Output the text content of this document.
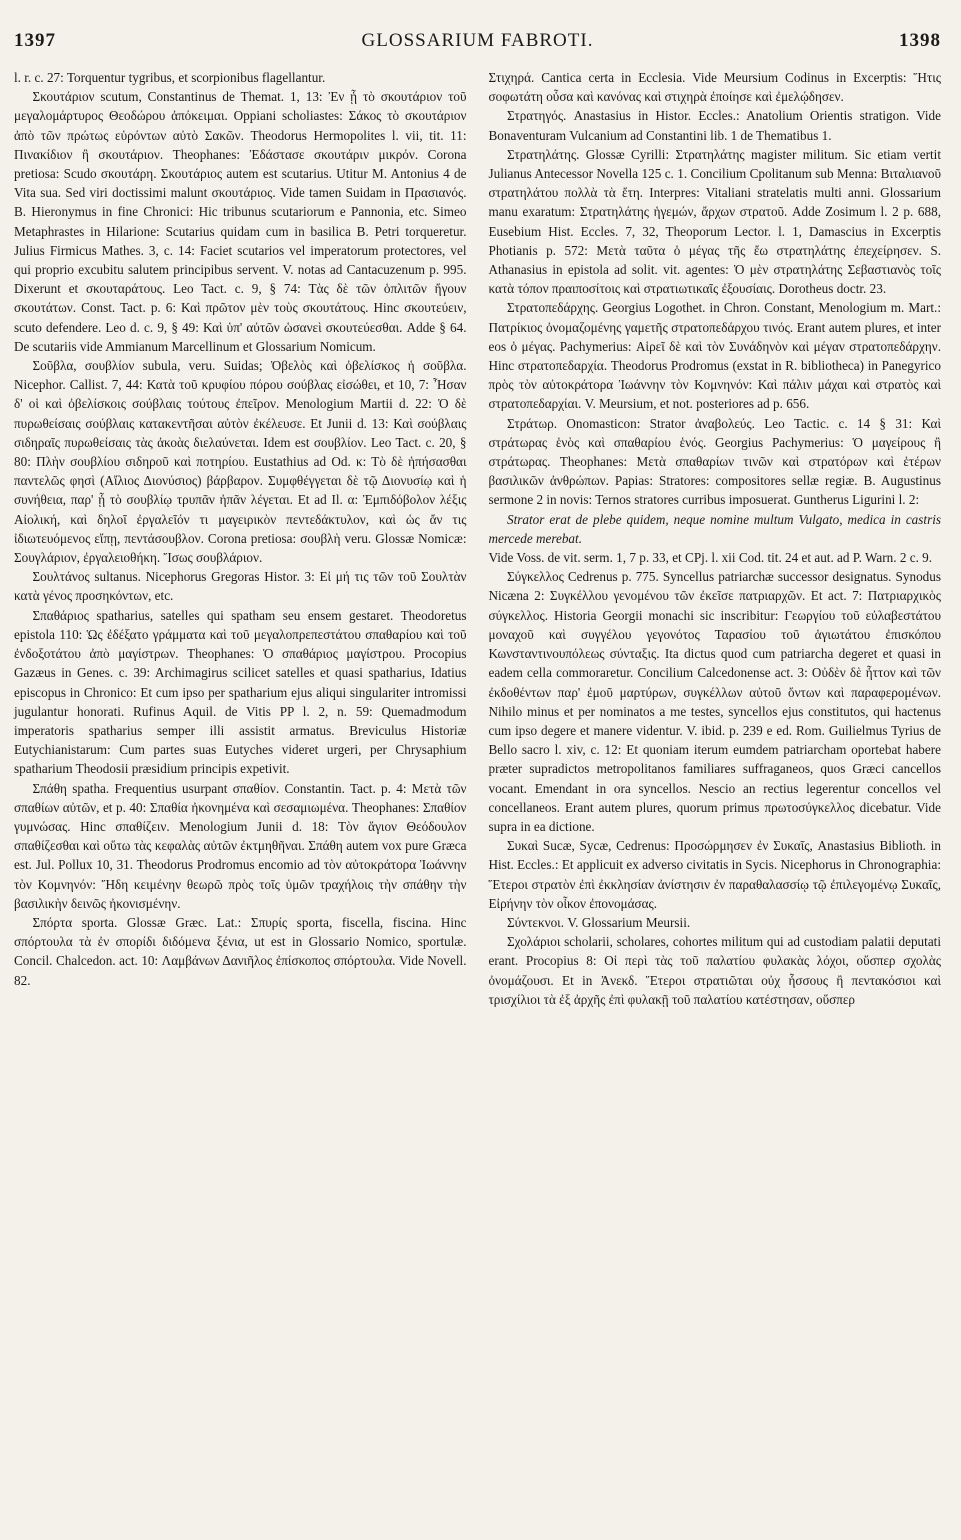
1397	GLOSSARIUM FABROTI.	1398

l. r. c. 27: Torquentur tygribus, et scorpionibus flagellantur.

Σκουτάριον scutum, Constantinus de Themat. 1, 13: Ἐν ᾗ τὸ σκουτάριον τοῦ μεγαλομάρτυρος Θεοδώρου ἀπόκειμαι. Oppiani scholiastes: Σάκος τὸ σκουτάριον ἀπὸ τῶν πρώτως εὑρόντων αὐτὸ Σακῶν. Theodorus Hermopolites l. vii, tit. 11: Πινακίδιον ἢ σκουτάριον. Theophanes: Ἐδάστασε σκουτάριν μικρόν. Corona pretiosa: Scudo σκουτάρη. Σκουτάριος autem est scutarius. Utitur M. Antonius 4 de Vita sua. Sed viri doctissimi malunt σκουτάριος. Vide tamen Suidam in Πρασιανός. B. Hieronymus in fine Chronici: Hic tribunus scutariorum e Pannonia, etc. Simeo Metaphrastes in Hilarione: Scutarius quidam cum in basilica B. Petri torqueretur. Julius Firmicus Mathes. 3, c. 14: Faciet scutarios vel imperatorum protectores, vel qui proprio excubitu salutem principibus servent. V. notas ad Cantacuzenum p. 995. Dixerunt et σκουταράτους. Leo Tact. c. 9, § 74: Τὰς δὲ τῶν ὁπλιτῶν ἤγουν σκουτάτων. Const. Tact. p. 6: Καὶ πρῶτον μὲν τοὺς σκουτάτους. Hinc σκουτεύειν, scuto defendere. Leo d. c. 9, § 49: Καὶ ὑπ' αὐτῶν ὡσανεὶ σκουτεύεσθαι. Adde § 64. De scutariis vide Ammianum Marcellinum et Glossarium Nomicum.

Σοῦβλα, σουβλίον subula, veru. Suidas; Ὀβελὸς καὶ ὀβελίσκος ἡ σοῦβλα. Nicephor. Callist. 7, 44: Κατὰ τοῦ κρυφίου πόρου σούβλας εἰσώθει, et 10, 7: Ἦσαν δ' οἱ καὶ ὀβελίσκοις σούβλαις τούτους ἐπεῖρον. Menologium Martii d. 22: Ὁ δὲ πυρωθείσαις σούβλαις κατακεντῆσαι αὐτὸν ἐκέλευσε. Et Junii d. 13: Καὶ σούβλαις σιδηραῖς πυρωθείσαις τὰς ἀκοὰς διελαύνεται. Idem est σουβλίον. Leo Tact. c. 20, § 80: Πλὴν σουβλίου σιδηροῦ καὶ ποτηρίου. Eustathius ad Od. κ: Τὸ δὲ ἡπήσασθαι παντελῶς φησὶ (Αἴλιος Διονύσιος) βάρβαρον. Συμφθέγγεται δὲ τῷ Διονυσίῳ καὶ ἡ συνήθεια, παρ' ᾗ τὸ σουβλίῳ τρυπᾶν ἠπᾶν λέγεται. Et ad Il. α: Ἐμπιδόβολον λέξις Αἰολική, καὶ δηλοῖ ἐργαλεῖόν τι μαγειρικὸν πεντεδάκτυλον, καὶ ὡς ἄν τις ἰδιωτευόμενος εἴπῃ, πεντάσουβλον. Corona pretiosa: σουβλὴ veru. Glossæ Nomicæ: Σουγλάριον, ἐργαλειοθήκη. Ἴσως σουβλάριον.

Σουλτάνος sultanus. Nicephorus Gregoras Histor. 3: Εἰ μή τις τῶν τοῦ Σουλτὰν κατὰ γένος προσηκόντων, etc.

Σπαθάριος spatharius, satelles qui spatham seu ensem gestaret. Theodoretus epistola 110: Ὡς ἐδέξατο γράμματα καὶ τοῦ μεγαλοπρεπεστάτου σπαθαρίου καὶ τοῦ ἐνδοξοτάτου ἀπὸ μαγίστρων. Theophanes: Ὁ σπαθάριος μαγίστρου. Procopius Gazæus in Genes. c. 39: Archimagirus scilicet satelles et quasi spatharius, Idatius episcopus in Chronico: Et cum ipso per spatharium ejus aliqui singulariter intromissi jugulantur honorati. Rufinus Aquil. de Vitis PP l. 2, n. 59: Quemadmodum imperatoris spatharius semper illi assistit armatus. Breviculus Historiæ Eutychianistarum: Cum partes suas Eutyches videret urgeri, per Chrysaphium spatharium Theodosii præsidium principis expetivit.

Σπάθη spatha. Frequentius usurpant σπαθίον. Constantin. Tact. p. 4: Μετὰ τῶν σπαθίων αὐτῶν, et p. 40: Σπαθία ἠκονημένα καὶ σεσαμιωμένα. Theophanes: Σπαθίον γυμνώσας. Hinc σπαθίζειν. Menologium Junii d. 18: Τὸν ἅγιον Θεόδουλον σπαθίζεσθαι καὶ οὕτω τὰς κεφαλὰς αὐτῶν ἐκτμηθῆναι. Σπάθη autem vox pure Græca est. Jul. Pollux 10, 31. Theodorus Prodromus encomio ad τὸν αὐτοκράτορα Ἰωάννην τὸν Κομνηνόν: Ἤδη κειμένην θεωρῶ πρὸς τοῖς ὑμῶν τραχήλοις τὴν σπάθην τὴν βασιλικὴν δεινῶς ἠκονισμένην.

Σπόρτα sporta. Glossæ Græc. Lat.: Σπυρίς sporta, fiscella, fiscina. Hinc σπόρτουλα τὰ ἐν σπορίδι διδόμενα ξένια, ut est in Glossario Nomico, sportulæ. Concil. Chalcedon. act. 10: Λαμβάνων Δανιῆλος ἐπίσκοπος σπόρτουλα. Vide Novell. 82.

Στιχηρά. Cantica certa in Ecclesia. Vide Meursium Codinus in Excerptis: Ἥτις σοφωτάτη οὖσα καὶ κανόνας καὶ στιχηρὰ ἐποίησε καὶ ἐμελῴδησεν.

Στρατηγός. Anastasius in Histor. Eccles.: Anatolium Orientis stratigon. Vide Bonaventuram Vulcanium ad Constantini lib. 1 de Thematibus 1.

Στρατηλάτης. Glossæ Cyrilli: Στρατηλάτης magister militum. Sic etiam vertit Julianus Antecessor Novella 125 c. 1. Concilium Cpolitanum sub Menna: Βιταλιανοῦ στρατηλάτου πολλὰ τὰ ἔτη. Interpres: Vitaliani stratelatis multi anni. Glossarium manu exaratum: Στρατηλάτης ἡγεμών, ἄρχων στρατοῦ. Adde Zosimum l. 2 p. 688, Eusebium Hist. Eccles. 7, 32, Theoporum Lector. l. 1, Damascius in Excerptis Photianis p. 572: Μετὰ ταῦτα ὁ μέγας τῆς ἔω στρατηλάτης ἐπεχείρησεν. S. Athanasius in epistola ad solit. vit. agentes: Ὁ μὲν στρατηλάτης Σεβαστιανὸς τοῖς κατὰ τόπον πραιποσίτοις καὶ στρατιωτικαῖς ἐξουσίαις. Dorotheus doctr. 23.

Στρατοπεδάρχης. Georgius Logothet. in Chron. Constant, Menologium m. Mart.: Πατρίκιος ὀνομαζομένης γαμετῆς στρατοπεδάρχου τινός. Erant autem plures, et inter eos ὁ μέγας. Pachymerius: Αἱρεῖ δὲ καὶ τὸν Συνάδηνὸν καὶ μέγαν στρατοπεδάρχην. Hinc στρατοπεδαρχία. Theodorus Prodromus (exstat in R. bibliotheca) in Panegyrico πρὸς τὸν αὐτοκράτορα Ἰωάννην τὸν Κομνηνόν: Καὶ πάλιν μάχαι καὶ στρατὸς καὶ στρατοπεδαρχίαι. V. Meursium, et not. posteriores ad p. 656.

Στράτωρ. Onomasticon: Strator ἀναβολεύς. Leo Tactic. c. 14 § 31: Καὶ στράτωρας ἑνὸς καὶ σπαθαρίου ἑνός. Georgius Pachymerius: Ὁ μαγείρους ἢ στράτωρας. Theophanes: Μετὰ σπαθαρίων τινῶν καὶ στρατόρων καὶ ἑτέρων βασιλικῶν ἀνθρώπων. Papias: Stratores: compositores sellæ regiæ. B. Augustinus sermone 2 in novis: Ternos stratores curribus imposuerat. Guntherus Ligurini l. 2:

Strator erat de plebe quidem, neque nomine multum Vulgato, medica in castris mercede merebat.

Vide Voss. de vit. serm. 1, 7 p. 33, et CPj. l. xii Cod. tit. 24 et aut. ad P. Warn. 2 c. 9.

Σύγκελλος Cedrenus p. 775. Syncellus patriarchæ successor designatus. Synodus Nicæna 2: Συγκέλλου γενομένου τῶν ἐκεῖσε πατριαρχῶν. Et act. 7: Πατριαρχικὸς σύγκελλος. Historia Georgii monachi sic inscribitur: Γεωργίου τοῦ εὐλαβεστάτου μοναχοῦ καὶ συγγέλου γεγονότος Ταρασίου τοῦ ἁγιωτάτου ἐπισκόπου Κωνσταντινουπόλεως σύνταξις. Ita dictus quod cum patriarcha degeret et quasi in eadem cella commoraretur. Concilium Calcedonense act. 3: Οὐδὲν δὲ ἧττον καὶ τῶν ἐκδοθέντων παρ' ἐμοῦ μαρτύρων, συγκέλλων αὐτοῦ ὄντων καὶ παραφερομένων. Nihilo minus et per nominatos a me testes, syncellos ejus constitutos, qui hactenus cum ipso degere et manere videntur. V. ibid. p. 239 e ed. Rom. Guilielmus Tyrius de Bello sacro l. xiv, c. 12: Et quoniam iterum eumdem patriarcham oportebat habere præter supradictos metropolitanos familiares suffraganeos, quos Græci cancellos vocant. Emendant in ora syncellos. Nescio an rectius legerentur concellos vel concellaneos. Erant autem plures, quorum primus πρωτοσύγκελλος dicebatur. Vide supra in ea dictione.

Συκαὶ Sucæ, Sycæ, Cedrenus: Προσώρμησεν ἐν Συκαῖς, Anastasius Biblioth. in Hist. Eccles.: Et applicuit ex adverso civitatis in Sycis. Nicephorus in Chronographia: Ἕτεροι στρατὸν ἐπὶ ἐκκλησίαν ἀνίστησιν ἐν παραθαλασσίῳ τῷ ἐπιλεγομένῳ Συκαῖς, Εἰρήνην τὸν οἶκον ἐπονομάσας.

Σύντεκνοι. V. Glossarium Meursii.

Σχολάριοι scholarii, scholares, cohortes militum qui ad custodiam palatii deputati erant. Procopius 8: Οἱ περὶ τὰς τοῦ παλατίου φυλακὰς λόχοι, οὕσπερ σχολὰς ὀνομάζουσι. Et in Ἀνεκδ. Ἕτεροι στρατιῶται οὐχ ἧσσους ἢ πεντακόσιοι καὶ τρισχίλιοι τὰ ἐξ ἀρχῆς ἐπὶ φυλακῇ τοῦ παλατίου κατέστησαν, οὕσπερ
